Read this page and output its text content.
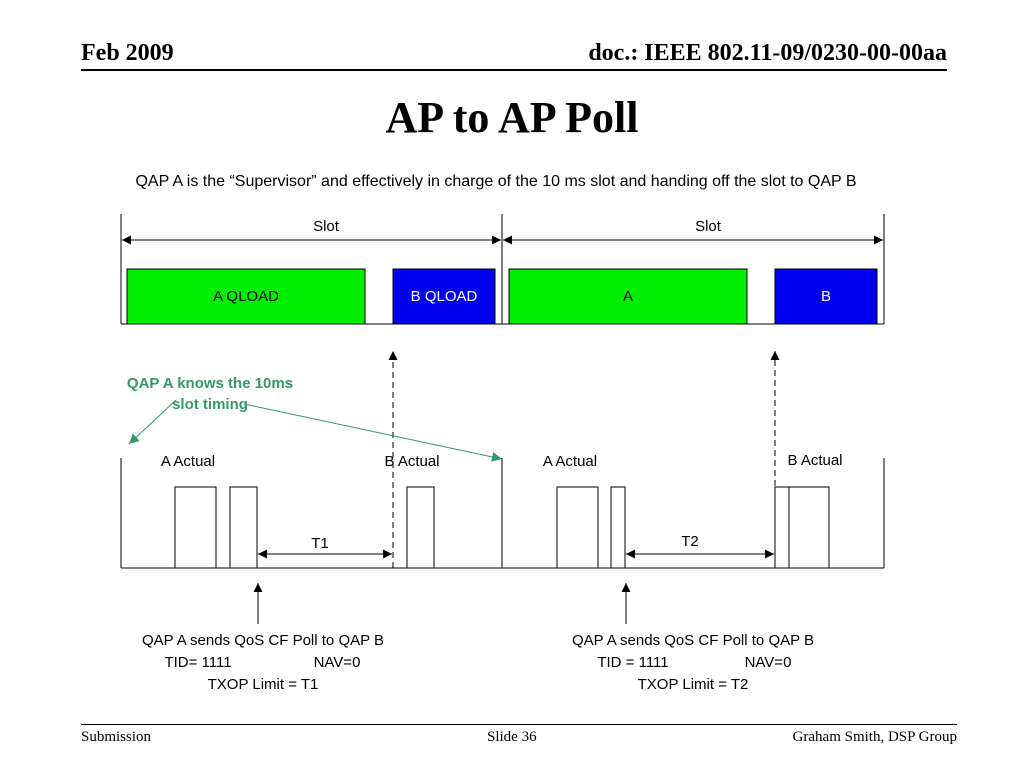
Feb 2009	doc.: IEEE 802.11-09/0230-00-00aa
AP to AP Poll
QAP A is the “Supervisor” and effectively in charge of the 10 ms slot and handing off the slot to QAP B
Slot	Slot
A QLOAD	B QLOAD	A	B
QAP A knows the 10ms
slot timing
A Actual	B Actual	A Actual	B Actual
T1	T2
QAP A sends QoS CF Poll to QAP B
TID= 1111	NAV=0
TXOP Limit = T1
QAP A sends QoS CF Poll to QAP B
TID = 1111	NAV=0
TXOP Limit = T2
Submission	Slide 36	Graham Smith, DSP Group
